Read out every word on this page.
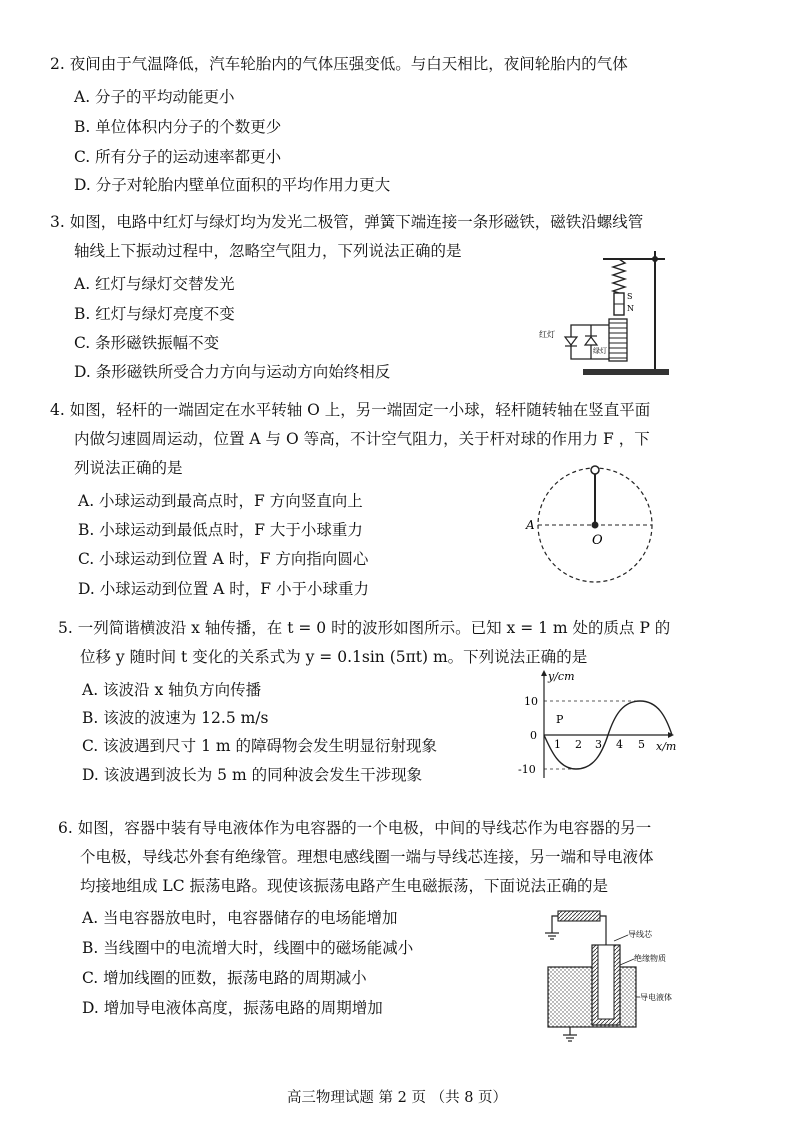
2. 夜间由于气温降低，汽车轮胎内的气体压强变低。与白天相比，夜间轮胎内的气体
A. 分子的平均动能更小
B. 单位体积内分子的个数更少
C. 所有分子的运动速率都更小
D. 分子对轮胎内壁单位面积的平均作用力更大
3. 如图，电路中红灯与绿灯均为发光二极管，弹簧下端连接一条形磁铁，磁铁沿螺线管
轴线上下振动过程中，忽略空气阻力，下列说法正确的是
A. 红灯与绿灯交替发光
B. 红灯与绿灯亮度不变
C. 条形磁铁振幅不变
D. 条形磁铁所受合力方向与运动方向始终相反
S
N
红灯
绿灯
4. 如图，轻杆的一端固定在水平转轴 O 上，另一端固定一小球，轻杆随转轴在竖直平面
内做匀速圆周运动，位置 A 与 O 等高，不计空气阻力，关于杆对球的作用力 F ，下
列说法正确的是
A. 小球运动到最高点时，F 方向竖直向上
B. 小球运动到最低点时，F 大于小球重力
C. 小球运动到位置 A 时，F 方向指向圆心
D. 小球运动到位置 A 时，F 小于小球重力
A
O
5. 一列简谐横波沿 x 轴传播，在 t = 0 时的波形如图所示。已知 x = 1 m 处的质点 P 的
位移 y 随时间 t 变化的关系式为 y = 0.1sin (5πt) m。下列说法正确的是
A. 该波沿 x 轴负方向传播
B. 该波的波速为 12.5 m/s
C. 该波遇到尺寸 1 m 的障碍物会发生明显衍射现象
D. 该波遇到波长为 5 m 的同种波会发生干涉现象
y/cm
x/m
10
0
-10
1 2 3 4 5
P
6. 如图，容器中装有导电液体作为电容器的一个电极，中间的导线芯作为电容器的另一
个电极，导线芯外套有绝缘管。理想电感线圈一端与导线芯连接，另一端和导电液体
均接地组成 LC 振荡电路。现使该振荡电路产生电磁振荡，下面说法正确的是
A. 当电容器放电时，电容器储存的电场能增加
B. 当线圈中的电流增大时，线圈中的磁场能减小
C. 增加线圈的匝数，振荡电路的周期减小
D. 增加导电液体高度，振荡电路的周期增加
导线芯
绝缘物质
导电液体
高三物理试题 第 2 页 （共 8 页）
